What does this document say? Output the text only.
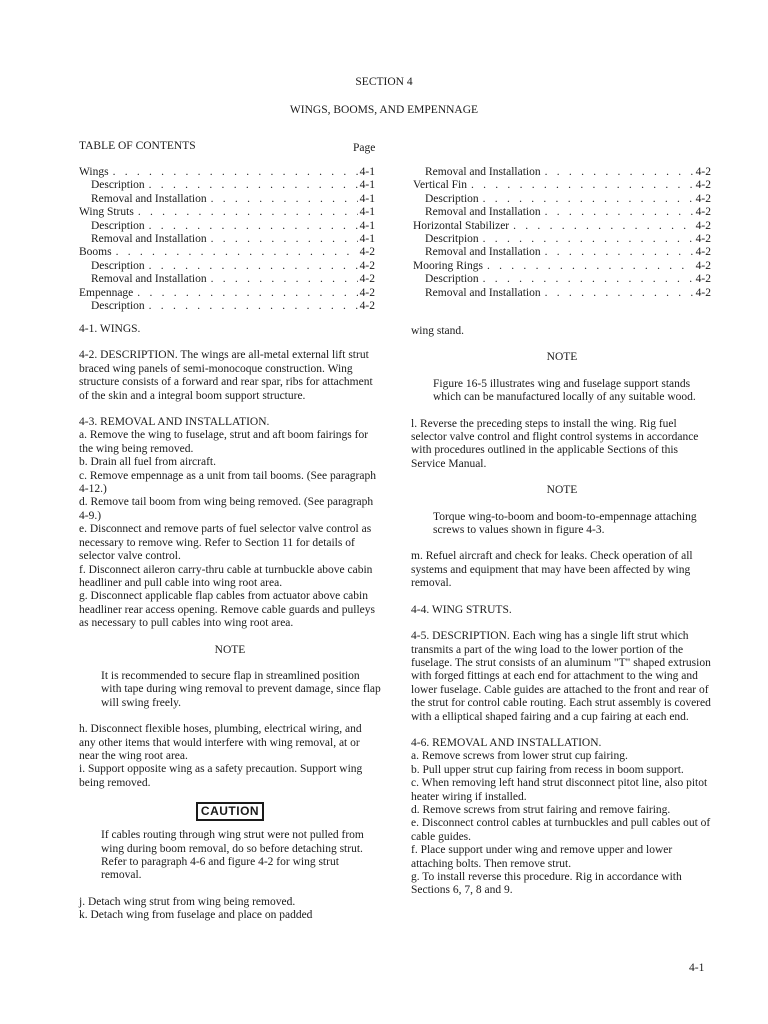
SECTION 4
WINGS, BOOMS, AND EMPENNAGE
TABLE OF CONTENTS	Page
Wings . . .	4-1
Description . . .	4-1
Removal and Installation . . .	4-1
Wing Struts . . .	4-1
Description . . .	4-1
Removal and Installation . . .	4-1
Booms . . .	4-2
Description . . .	4-2
Removal and Installation . . .	4-2
Empennage . . .	4-2
Description . . .	4-2
Removal and Installation . . .	4-2
Vertical Fin . . .	4-2
Description . . .	4-2
Removal and Installation . . .	4-2
Horizontal Stabilizer . . .	4-2
Descritpion . . .	4-2
Removal and Installation . . .	4-2
Mooring Rings . . .	4-2
Description . . .	4-2
Removal and Installation . . .	4-2

4-1. WINGS.

4-2. DESCRIPTION. The wings are all-metal external lift strut braced wing panels of semi-monocoque construction. Wing structure consists of a forward and rear spar, ribs for attachment of the skin and a integral boom support structure.

4-3. REMOVAL AND INSTALLATION.

a. Remove the wing to fuselage, strut and aft boom fairings for the wing being removed.

b. Drain all fuel from aircraft.

c. Remove empennage as a unit from tail booms. (See paragraph 4-12.)

d. Remove tail boom from wing being removed. (See paragraph 4-9.)

e. Disconnect and remove parts of fuel selector valve control as necessary to remove wing. Refer to Section 11 for details of selector valve control.

f. Disconnect aileron carry-thru cable at turnbuckle above cabin headliner and pull cable into wing root area.

g. Disconnect applicable flap cables from actuator above cabin headliner rear access opening. Remove cable guards and pulleys as necessary to pull cables into wing root area.

NOTE

It is recommended to secure flap in streamlined position with tape during wing removal to prevent damage, since flap will swing freely.

h. Disconnect flexible hoses, plumbing, electrical wiring, and any other items that would interfere with wing removal, at or near the wing root area.

i. Support opposite wing as a safety precaution. Support wing being removed.

CAUTION

If cables routing through wing strut were not pulled from wing during boom removal, do so before detaching strut. Refer to paragraph 4-6 and figure 4-2 for wing strut removal.

j. Detach wing strut from wing being removed.

k. Detach wing from fuselage and place on padded

wing stand.

NOTE

Figure 16-5 illustrates wing and fuselage support stands which can be manufactured locally of any suitable wood.

l. Reverse the preceding steps to install the wing. Rig fuel selector valve control and flight control systems in accordance with procedures outlined in the applicable Sections of this Service Manual.

NOTE

Torque wing-to-boom and boom-to-empennage attaching screws to values shown in figure 4-3.

m. Refuel aircraft and check for leaks. Check operation of all systems and equipment that may have been affected by wing removal.

4-4. WING STRUTS.

4-5. DESCRIPTION. Each wing has a single lift strut which transmits a part of the wing load to the lower portion of the fuselage. The strut consists of an aluminum "T" shaped extrusion with forged fittings at each end for attachment to the wing and lower fuselage. Cable guides are attached to the front and rear of the strut for control cable routing. Each strut assembly is covered with a elliptical shaped fairing and a cup fairing at each end.

4-6. REMOVAL AND INSTALLATION.

a. Remove screws from lower strut cup fairing.

b. Pull upper strut cup fairing from recess in boom support.

c. When removing left hand strut disconnect pitot line, also pitot heater wiring if installed.

d. Remove screws from strut fairing and remove fairing.

e. Disconnect control cables at turnbuckles and pull cables out of cable guides.

f. Place support under wing and remove upper and lower attaching bolts. Then remove strut.

g. To install reverse this procedure. Rig in accordance with Sections 6, 7, 8 and 9.

4-1
